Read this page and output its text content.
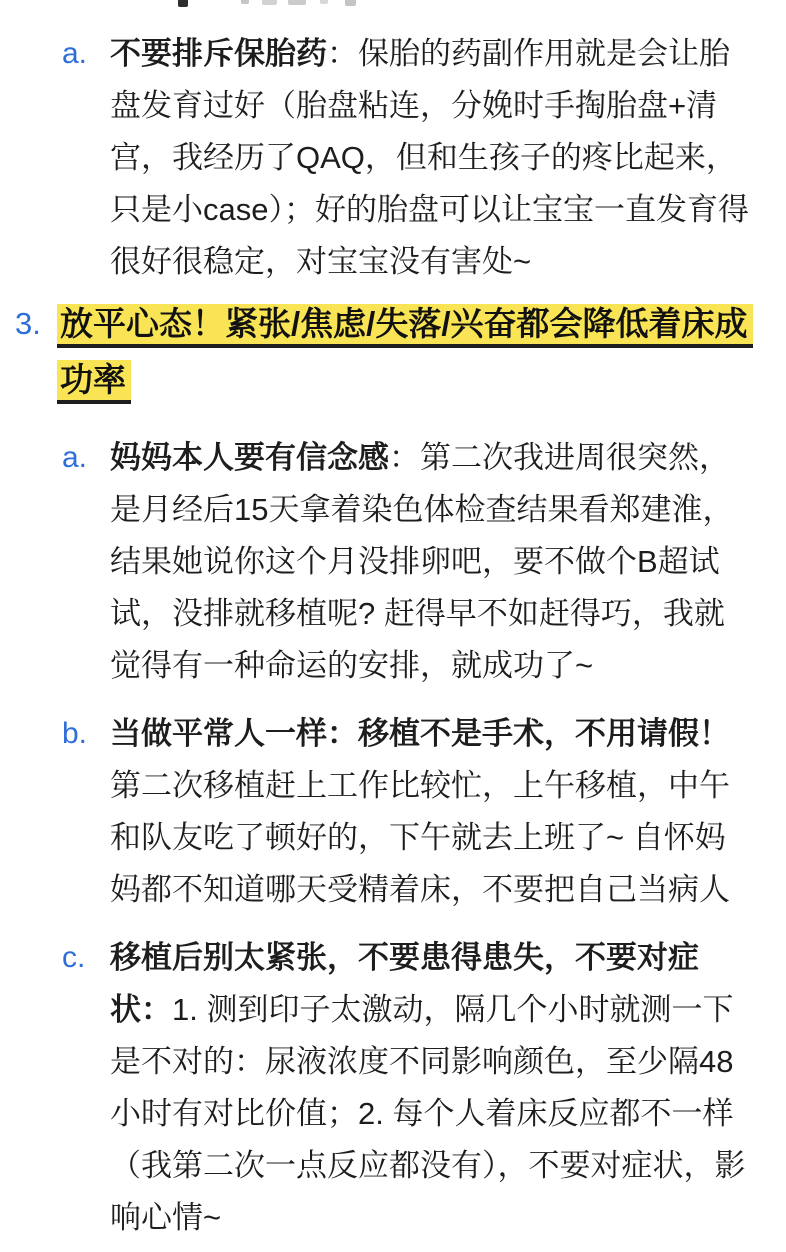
a. 不要排斥保胎药：保胎的药副作用就是会让胎盘发育过好（胎盘粘连，分娩时手掏胎盘+清宫，我经历了QAQ，但和生孩子的疼比起来，只是小case）；好的胎盘可以让宝宝一直发育得很好很稳定，对宝宝没有害处~
3. 放平心态！紧张/焦虑/失落/兴奋都会降低着床成功率
a. 妈妈本人要有信念感：第二次我进周很突然，是月经后15天拿着染色体检查结果看郑建淮，结果她说你这个月没排卵吧，要不做个B超试试，没排就移植呢? 赶得早不如赶得巧，我就觉得有一种命运的安排，就成功了~
b. 当做平常人一样：移植不是手术，不用请假！第二次移植赶上工作比较忙，上午移植，中午和队友吃了顿好的，下午就去上班了~ 自怀妈妈都不知道哪天受精着床，不要把自己当病人
c. 移植后别太紧张，不要患得患失，不要对症状：1. 测到印子太激动，隔几个小时就测一下是不对的：尿液浓度不同影响颜色，至少隔48小时有对比价值；2. 每个人着床反应都不一样（我第二次一点反应都没有），不要对症状，影响心情~
